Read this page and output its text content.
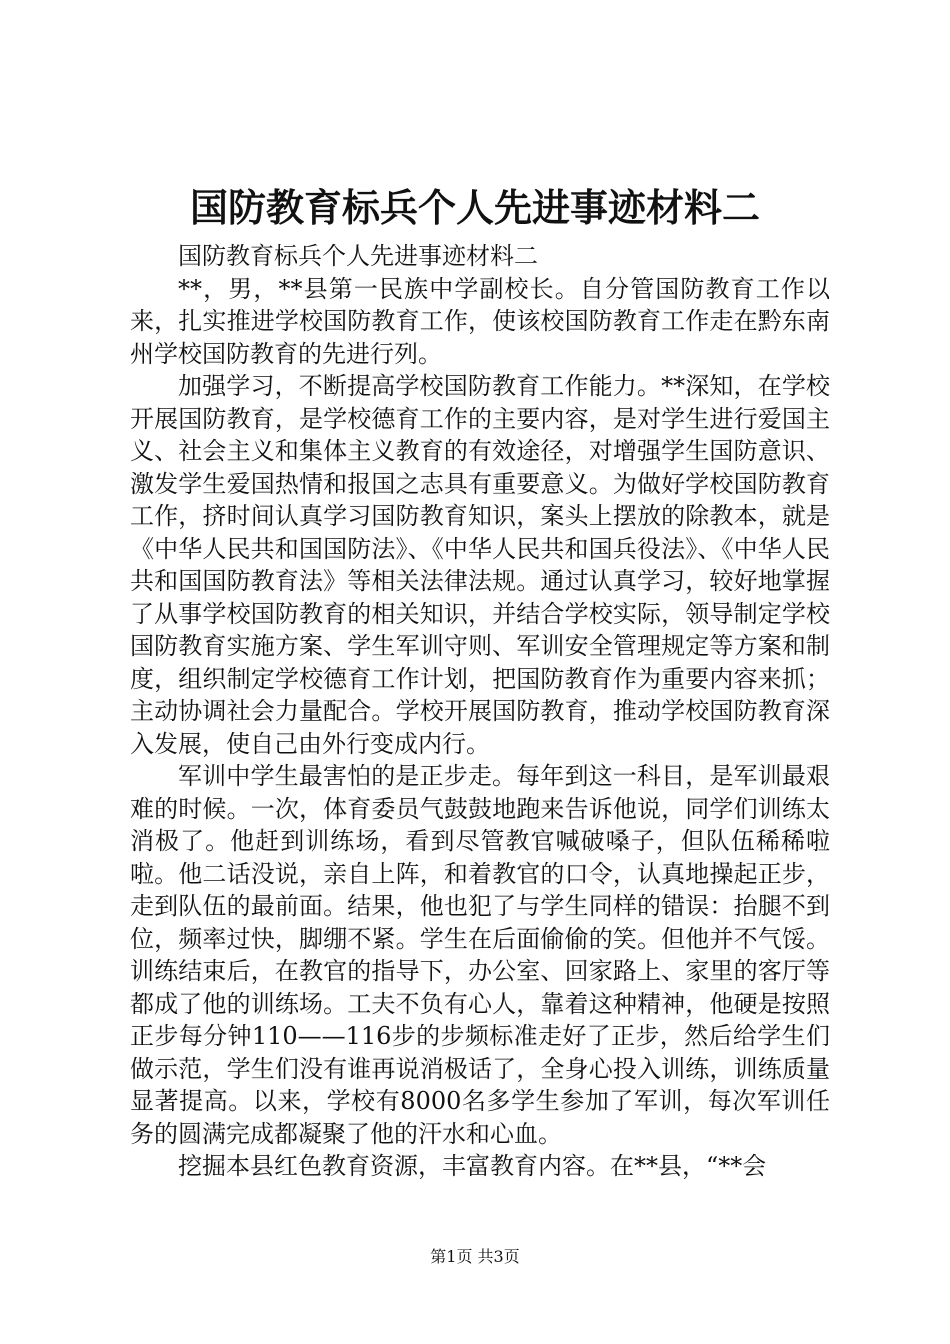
国防教育标兵个人先进事迹材料二

国防教育标兵个人先进事迹材料二

**，男，**县第一民族中学副校长。自分管国防教育工作以来，扎实推进学校国防教育工作，使该校国防教育工作走在黔东南州学校国防教育的先进行列。

加强学习，不断提高学校国防教育工作能力。**深知，在学校开展国防教育，是学校德育工作的主要内容，是对学生进行爱国主义、社会主义和集体主义教育的有效途径，对增强学生国防意识、激发学生爱国热情和报国之志具有重要意义。为做好学校国防教育工作，挤时间认真学习国防教育知识，案头上摆放的除教本，就是《中华人民共和国国防法》、《中华人民共和国兵役法》、《中华人民共和国国防教育法》等相关法律法规。通过认真学习，较好地掌握了从事学校国防教育的相关知识，并结合学校实际，领导制定学校国防教育实施方案、学生军训守则、军训安全管理规定等方案和制度，组织制定学校德育工作计划，把国防教育作为重要内容来抓；主动协调社会力量配合。学校开展国防教育，推动学校国防教育深入发展，使自己由外行变成内行。

军训中学生最害怕的是正步走。每年到这一科目，是军训最艰难的时候。一次，体育委员气鼓鼓地跑来告诉他说，同学们训练太消极了。他赶到训练场，看到尽管教官喊破嗓子，但队伍稀稀啦啦。他二话没说，亲自上阵，和着教官的口令，认真地操起正步，走到队伍的最前面。结果，他也犯了与学生同样的错误：抬腿不到位，频率过快，脚绷不紧。学生在后面偷偷的笑。但他并不气馁。训练结束后，在教官的指导下，办公室、回家路上、家里的客厅等都成了他的训练场。工夫不负有心人，靠着这种精神，他硬是按照正步每分钟110——116步的步频标准走好了正步，然后给学生们做示范，学生们没有谁再说消极话了，全身心投入训练，训练质量显著提高。以来，学校有8000名多学生参加了军训，每次军训任务的圆满完成都凝聚了他的汗水和心血。

挖掘本县红色教育资源，丰富教育内容。在**县，“**会

第1页 共3页
